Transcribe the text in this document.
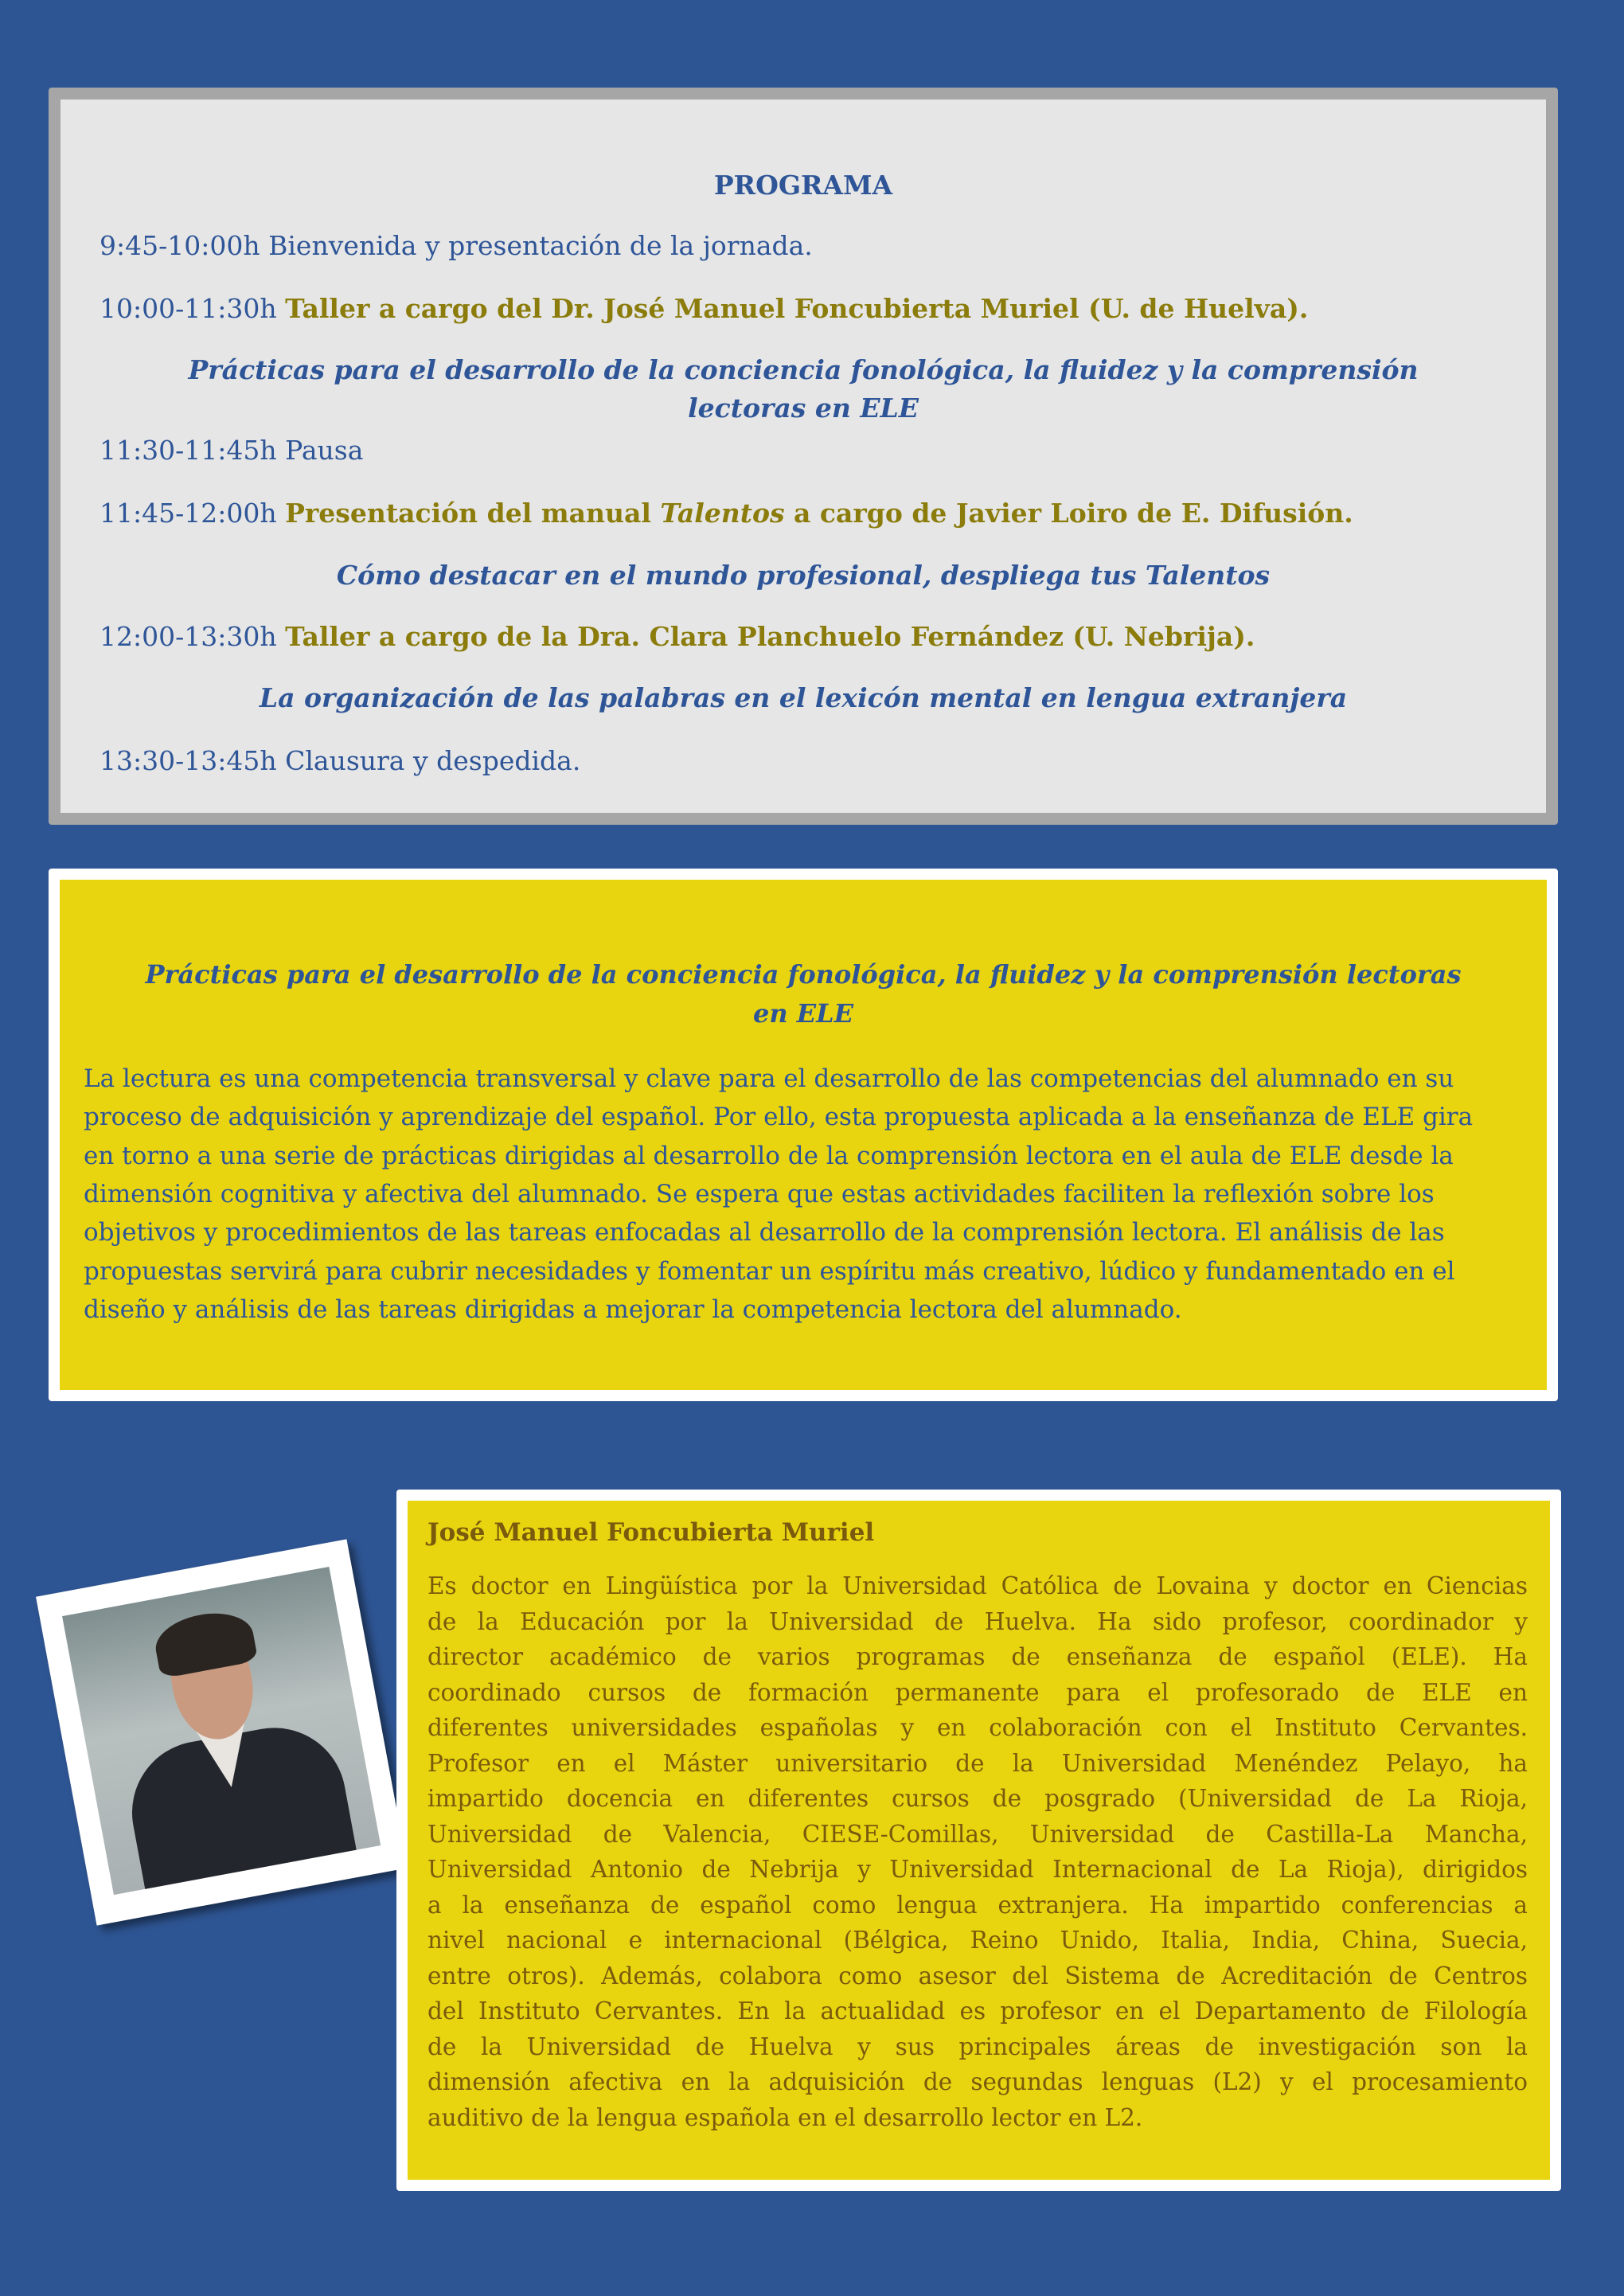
PROGRAMA
9:45-10:00h Bienvenida y presentación de la jornada.
10:00-11:30h Taller a cargo del Dr. José Manuel Foncubierta Muriel (U. de Huelva).
Prácticas para el desarrollo de la conciencia fonológica, la fluidez y la comprensión
lectoras en ELE
11:30-11:45h Pausa
11:45-12:00h Presentación del manual Talentos a cargo de Javier Loiro de E. Difusión.
Cómo destacar en el mundo profesional, despliega tus Talentos
12:00-13:30h Taller a cargo de la Dra. Clara Planchuelo Fernández (U. Nebrija).
La organización de las palabras en el lexicón mental en lengua extranjera
13:30-13:45h Clausura y despedida.
Prácticas para el desarrollo de la conciencia fonológica, la fluidez y la comprensión lectoras
en ELE
La lectura es una competencia transversal y clave para el desarrollo de las competencias del alumnado en su
proceso de adquisición y aprendizaje del español. Por ello, esta propuesta aplicada a la enseñanza de ELE gira
en torno a una serie de prácticas dirigidas al desarrollo de la comprensión lectora en el aula de ELE desde la
dimensión cognitiva y afectiva del alumnado. Se espera que estas actividades faciliten la reflexión sobre los
objetivos y procedimientos de las tareas enfocadas al desarrollo de la comprensión lectora. El análisis de las
propuestas servirá para cubrir necesidades y fomentar un espíritu más creativo, lúdico y fundamentado en el
diseño y análisis de las tareas dirigidas a mejorar la competencia lectora del alumnado.
José Manuel Foncubierta Muriel
Es doctor en Lingüística por la Universidad Católica de Lovaina y doctor en Ciencias
de la Educación por la Universidad de Huelva. Ha sido profesor, coordinador y
director académico de varios programas de enseñanza de español (ELE). Ha
coordinado cursos de formación permanente para el profesorado de ELE en
diferentes universidades españolas y en colaboración con el Instituto Cervantes.
Profesor en el Máster universitario de la Universidad Menéndez Pelayo, ha
impartido docencia en diferentes cursos de posgrado (Universidad de La Rioja,
Universidad de Valencia, CIESE-Comillas, Universidad de Castilla-La Mancha,
Universidad Antonio de Nebrija y Universidad Internacional de La Rioja), dirigidos
a la enseñanza de español como lengua extranjera. Ha impartido conferencias a
nivel nacional e internacional (Bélgica, Reino Unido, Italia, India, China, Suecia,
entre otros). Además, colabora como asesor del Sistema de Acreditación de Centros
del Instituto Cervantes. En la actualidad es profesor en el Departamento de Filología
de la Universidad de Huelva y sus principales áreas de investigación son la
dimensión afectiva en la adquisición de segundas lenguas (L2) y el procesamiento
auditivo de la lengua española en el desarrollo lector en L2.
